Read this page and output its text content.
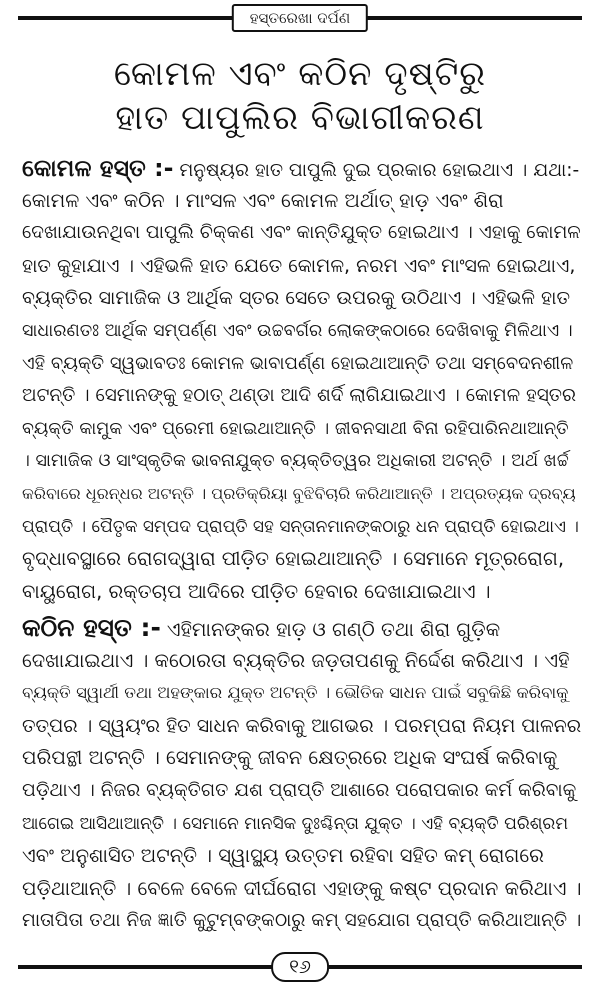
ହସ୍ତରେଖା ଦର୍ପଣ
କୋମଳ ଏବଂ କଠିନ ଦୃଷ୍ଟିରୁ
ହାତ ପାପୁଲିର ବିଭାଗୀକରଣ
କୋମଳ ହସ୍ତ :- ମନୁଷ୍ୟର ହାତ ପାପୁଲି ଦୁଇ ପ୍ରକାର ହୋଇଥାଏ । ଯଥା:-
କୋମଳ ଏବଂ କଠିନ । ମାଂସଳ ଏବଂ କୋମଳ ଅର୍ଥାତ୍ ହାଡ଼ ଏବଂ ଶିରା
ଦେଖାଯାଉନଥିବା ପାପୁଲି ଚିକ୍କଣ ଏବଂ କାନ୍ତିଯୁକ୍ତ ହୋଇଥାଏ । ଏହାକୁ କୋମଳ
ହାତ କୁହାଯାଏ । ଏହିଭଳି ହାତ ଯେତେ କୋମଳ, ନରମ ଏବଂ ମାଂସଳ ହୋଇଥାଏ,
ବ୍ୟକ୍ତିର ସାମାଜିକ ଓ ଆର୍ଥିକ ସ୍ତର ସେତେ ଉପରକୁ ଉଠିଥାଏ । ଏହିଭଳି ହାତ
ସାଧାରଣତଃ ଆର୍ଥିକ ସମ୍ପର୍ଣ୍ଣ ଏବଂ ଉଚ୍ଚବର୍ଗର ଲୋକଙ୍କଠାରେ ଦେଖିବାକୁ ମିଳିଥାଏ ।
ଏହି ବ୍ୟକ୍ତି ସ୍ୱଭାବତଃ କୋମଳ ଭାବାପର୍ଣ୍ଣ ହୋଇଥାଆନ୍ତି ତଥା ସମ୍ବେଦନଶୀଳ
ଅଟନ୍ତି । ସେମାନଙ୍କୁ ହଠାତ୍ ଥଣ୍ଡା ଆଦି ଶର୍ଦି ଲାଗିଯାଇଥାଏ । କୋମଳ ହସ୍ତର
ବ୍ୟକ୍ତି କାମୁକ ଏବଂ ପ୍ରେମୀ ହୋଇଥାଆନ୍ତି । ଜୀବନସାଥୀ ବିନା ରହିପାରିନଥାଆନ୍ତି
। ସାମାଜିକ ଓ ସାଂସ୍କୃତିକ ଭାବନାଯୁକ୍ତ ବ୍ୟକ୍ତିତ୍ୱର ଅଧିକାରୀ ଅଟନ୍ତି । ଅର୍ଥ ଖର୍ଚ୍ଚ
କରିବାରେ ଧୂରନ୍ଧର ଅଟନ୍ତି । ପ୍ରତିକ୍ରିୟା ବୁଝିବିଚାରି କରିଥାଆନ୍ତି । ଅପ୍ରତ୍ୟକ ଦ୍ରବ୍ୟ
ପ୍ରାପ୍ତି । ପୈତୃକ ସମ୍ପଦ ପ୍ରାପ୍ତି ସହ ସନ୍ତାନମାନଙ୍କଠାରୁ ଧନ ପ୍ରାପ୍ତି ହୋଇଥାଏ ।
ବୃଦ୍ଧାବସ୍ଥାରେ ରୋଗଦ୍ୱାରା ପୀଡ଼ିତ ହୋଇଥାଆନ୍ତି । ସେମାନେ ମୂତ୍ରରୋଗ,
ବାୟୁରୋଗ, ରକ୍ତଚାପ ଆଦିରେ ପୀଡ଼ିତ ହେବାର ଦେଖାଯାଇଥାଏ ।
କଠିନ ହସ୍ତ :- ଏହିମାନଙ୍କର ହାଡ଼ ଓ ଗଣ୍ଠି ତଥା ଶିରା ଗୁଡ଼ିକ
ଦେଖାଯାଇଥାଏ । କଠୋରତା ବ୍ୟକ୍ତିର ଜଡ଼ତାପଣକୁ ନିର୍ଦ୍ଦେଶ କରିଥାଏ । ଏହି
ବ୍ୟକ୍ତି ସ୍ୱାର୍ଥୀ ତଥା ଅହଙ୍କାର ଯୁକ୍ତ ଅଟନ୍ତି । ଭୌତିକ ସାଧନ ପାଇଁ ସବୁକିଛି କରିବାକୁ
ତତ୍ପର । ସ୍ୱୟଂର ହିତ ସାଧନ କରିବାକୁ ଆଗଭର । ପରମ୍ପରା ନିୟମ ପାଳନର
ପରିପନ୍ଥୀ ଅଟନ୍ତି । ସେମାନଙ୍କୁ ଜୀବନ କ୍ଷେତ୍ରରେ ଅଧିକ ସଂଘର୍ଷ କରିବାକୁ
ପଡ଼ିଥାଏ । ନିଜର ବ୍ୟକ୍ତିଗତ ଯଶ ପ୍ରାପ୍ତି ଆଶାରେ ପରୋପକାର କର୍ମ କରିବାକୁ
ଆଗେଇ ଆସିଥାଆନ୍ତି । ସେମାନେ ମାନସିକ ଦୁଃଶ୍ଚିନ୍ତା ଯୁକ୍ତ । ଏହି ବ୍ୟକ୍ତି ପରିଶ୍ରମ
ଏବଂ ଅନୁଶାସିତ ଅଟନ୍ତି । ସ୍ୱାସ୍ଥ୍ୟ ଉତ୍ତମ ରହିବା ସହିତ କମ୍ ରୋଗରେ
ପଡ଼ିଥାଆନ୍ତି । ବେଳେ ବେଳେ ଦୀର୍ଘରୋଗ ଏହାଙ୍କୁ କଷ୍ଟ ପ୍ରଦାନ କରିଥାଏ ।
ମାତାପିତା ତଥା ନିଜ ଜ୍ଞାତି କୁଟୁମ୍ବଙ୍କଠାରୁ କମ୍ ସହଯୋଗ ପ୍ରାପ୍ତି କରିଥାଆନ୍ତି ।
୧୬
